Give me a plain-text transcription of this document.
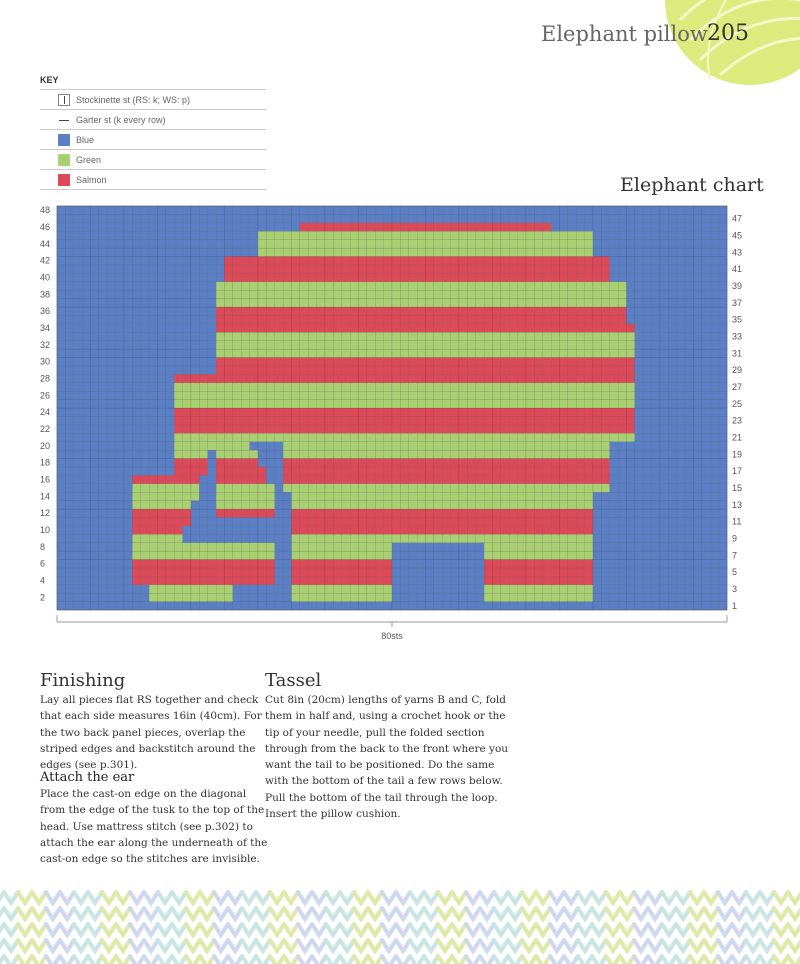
Elephant pillow 205
KEY
Stockinette st (RS: k; WS: p)
Garter st (k every row)
Blue
Green
Salmon	Elephant chart
2
4
6
8
10
12
14
16
18
20
22
24
26
28
30
32
34
36
38
40
42
44
46
48
1
3
5
7
9
11
13
15
17
19
21
23
25
27
29
31
33
35
37
39
41
43
45
47
80sts
Finishing

Lay all pieces flat RS together and check that each side measures 16in (40cm). For the two back panel pieces, overlap the striped edges and backstitch around the edges (see p.301).

Attach the ear

Place the cast-on edge on the diagonal from the edge of the tusk to the top of the head. Use mattress stitch (see p.302) to attach the ear along the underneath of the cast-on edge so the stitches are invisible.

Tassel

Cut 8in (20cm) lengths of yarns B and C, fold them in half and, using a crochet hook or the tip of your needle, pull the folded section through from the back to the front where you want the tail to be positioned. Do the same with the bottom of the tail a few rows below. Pull the bottom of the tail through the loop. Insert the pillow cushion.
